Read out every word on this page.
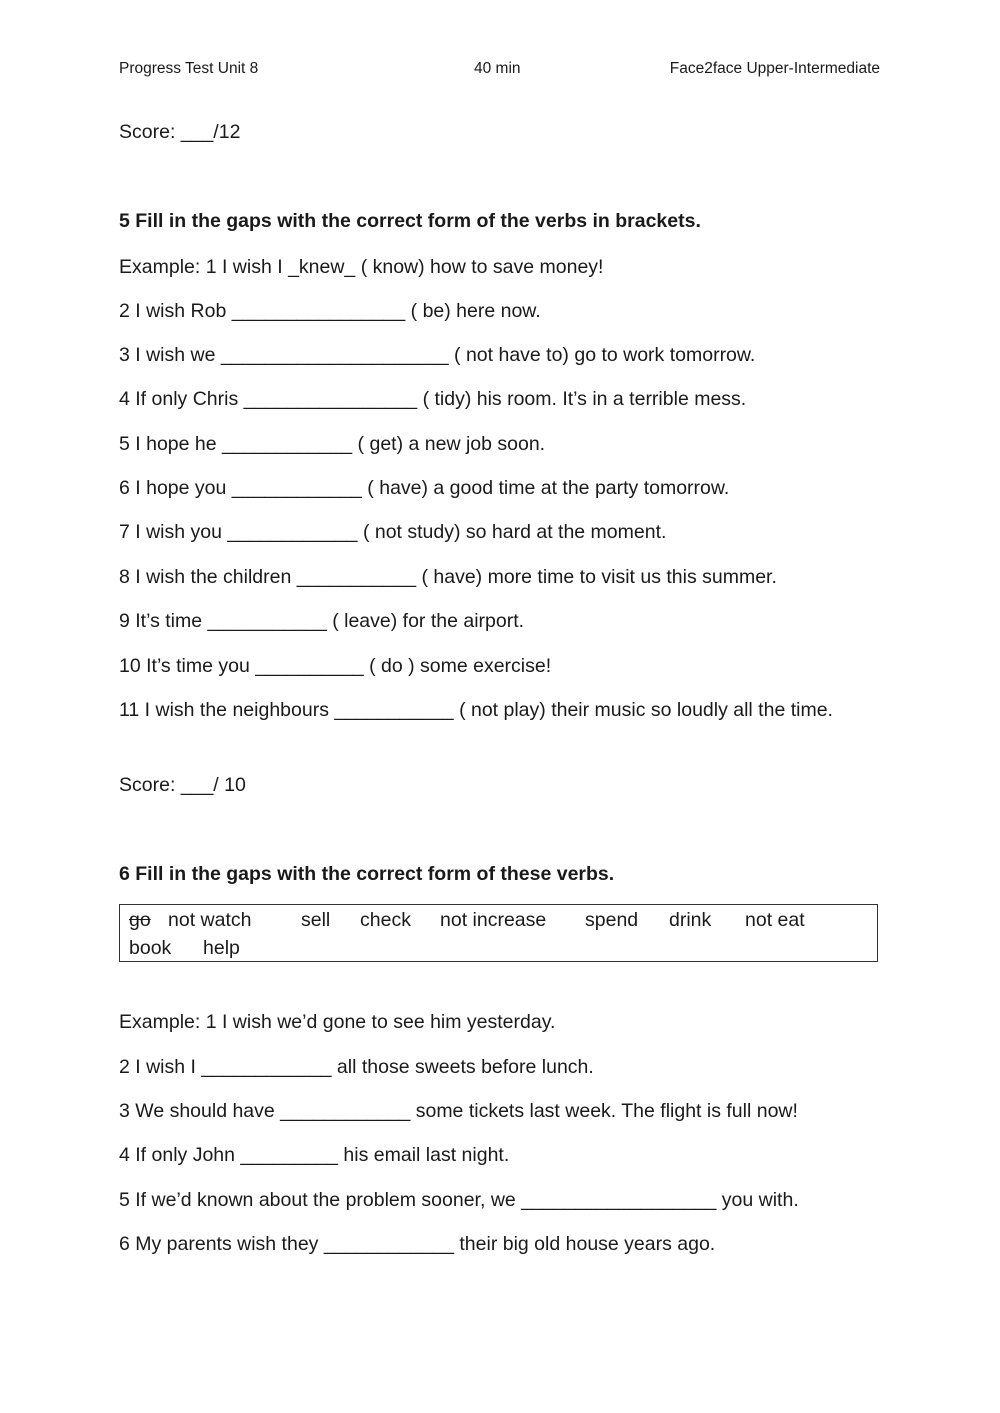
Progress Test Unit 8	40 min	Face2face Upper-Intermediate
Score: ___/12
5 Fill in the gaps with the correct form of the verbs in brackets.
Example: 1 I wish I _knew_ ( know) how to save money!
2 I wish Rob ________________ ( be) here now.
3 I wish we _____________________ ( not have to) go to work tomorrow.
4 If only Chris ________________ ( tidy) his room. It’s in a terrible mess.
5 I hope he ____________ ( get) a new job soon.
6 I hope you ____________ ( have) a good time at the party tomorrow.
7 I wish you ____________ ( not study) so hard at the moment.
8 I wish the children ___________ ( have) more time to visit us this summer.
9 It’s time ___________ ( leave) for the airport.
10 It’s time you __________ ( do ) some exercise!
11 I wish the neighbours ___________ ( not play) their music so loudly all the time.
Score: ___/ 10
6 Fill in the gaps with the correct form of these verbs.
go not watch	sell check not increase spend drink not eat
book help
Example: 1 I wish we’d gone to see him yesterday.
2 I wish I ____________ all those sweets before lunch.
3 We should have ____________ some tickets last week. The flight is full now!
4 If only John _________ his email last night.
5 If we’d known about the problem sooner, we __________________ you with.
6 My parents wish they ____________ their big old house years ago.
